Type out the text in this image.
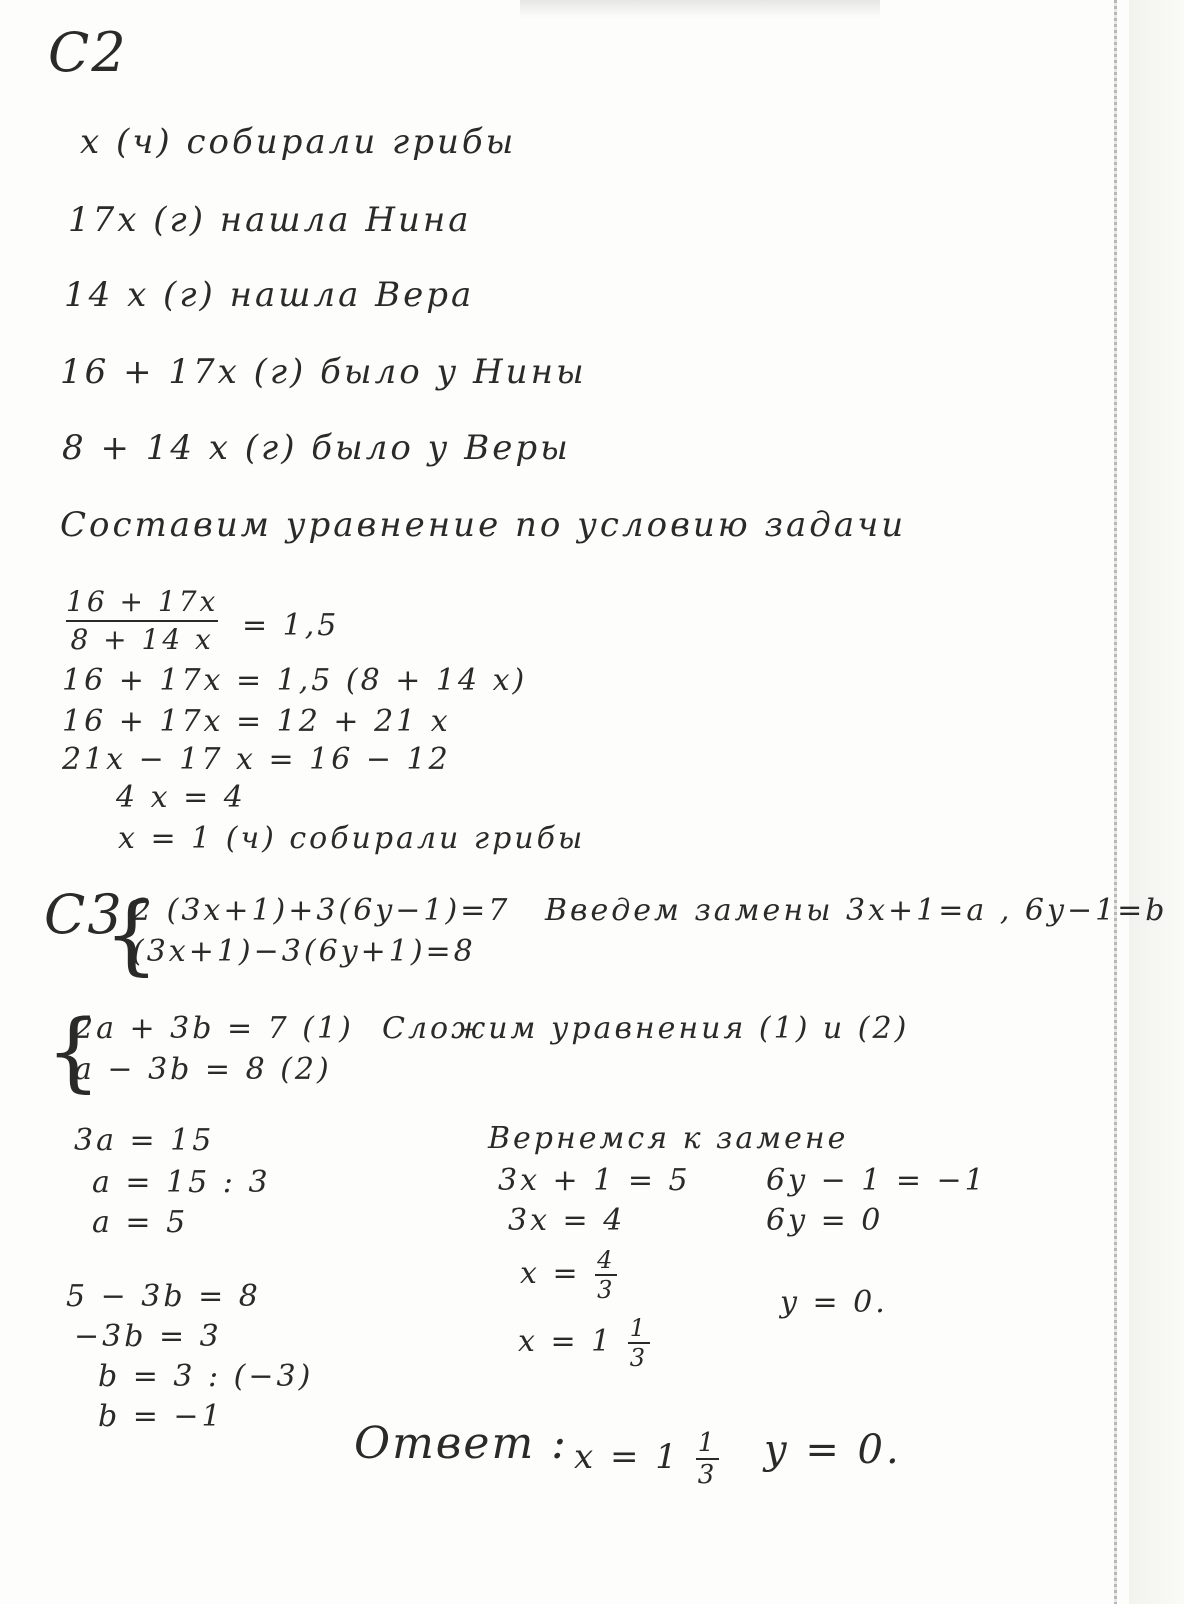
C2
x (ч) собирали грибы
17x (г) нашла Нина
14 x (г) нашла Вера
16 + 17x (г) было у Нины
8 + 14 x (г) было у Веры
Составим уравнение по условию задачи
$\frac{16 + 17x}{8 + 14 x} = 1,5$
16 + 17x = 1,5 (8 + 14 x)
16 + 17x = 12 + 21 x
21x − 17 x = 16 − 12
4 x = 4
x = 1 (ч) собирали грибы
C3
{
2 (3x+1)+3(6y−1)=7
(3x+1)−3(6y+1)=8
Введем замены 3x+1=a , 6y−1=b
{
2a + 3b = 7 (1)
a − 3b = 8 (2)
Сложим уравнения (1) и (2)
3a = 15
a = 15 : 3
a = 5
5 − 3b = 8
−3b = 3
b = 3 : (−3)
b = −1
Вернемся к замене
3x + 1 = 5
3x = 4
$x = \frac{4}{3}$
$x = 1 \frac{1}{3}$
6y − 1 = −1
6y = 0
y = 0.
Ответ : $x = 1 \frac{1}{3}$ y = 0.
